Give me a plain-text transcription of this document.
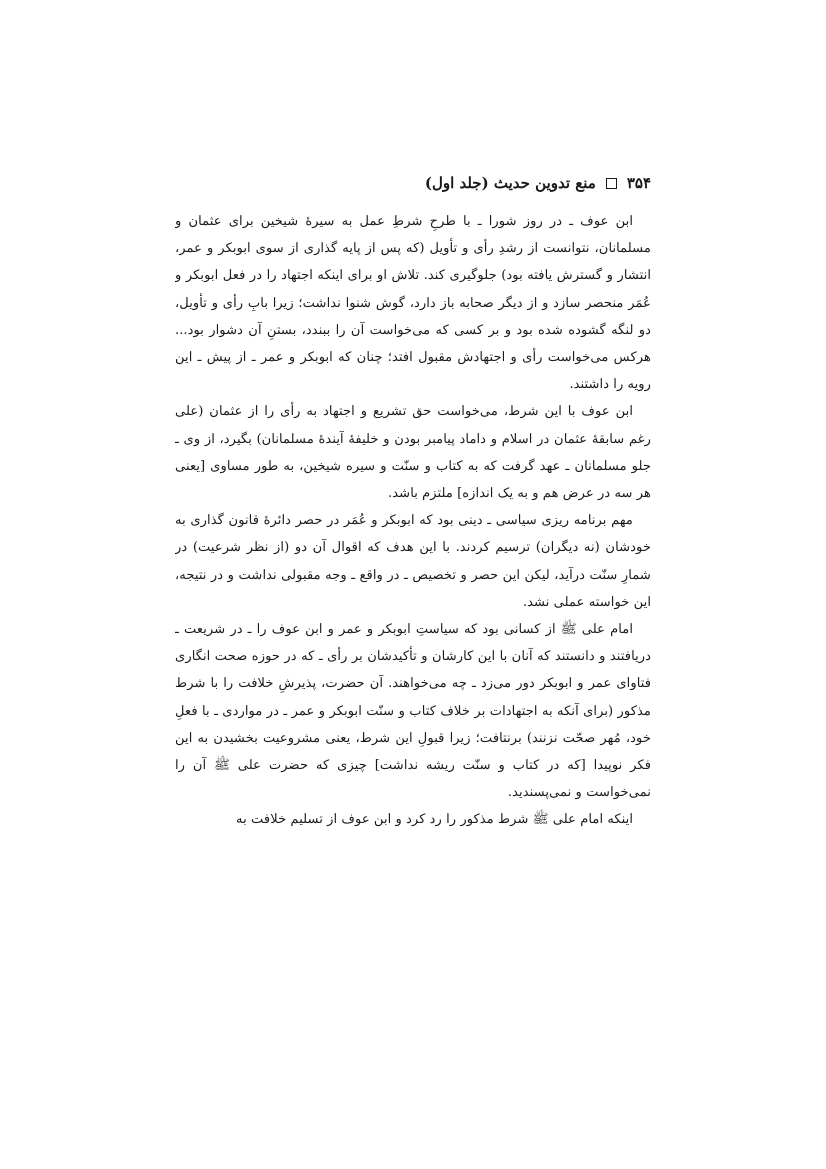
۳۵۴
منع تدوین حدیث (جلد اول)

ابن عوف ـ در روز شورا ـ با طرحِ شرطِ عمل به سیرهٔ شیخین برای عثمان و مسلمانان، نتوانست از رشدِ رأی و تأویل (که پس از پایه گذاری از سوی ابوبکر و عمر، انتشار و گسترش یافته بود) جلوگیری کند. تلاش او برای اینکه اجتهاد را در فعل ابوبکر و عُمَر منحصر سازد و از دیگر صحابه باز دارد، گوش شنوا نداشت؛ زیرا بابِ رأی و تأویل، دو لنگه گشوده شده بود و بر کسی که می‌خواست آن را ببندد، بستنِ آن دشوار بود... هرکس می‌خواست رأی و اجتهادش مقبول افتد؛ چنان که ابوبکر و عمر ـ از پیش ـ این رویه را داشتند.

ابن عوف با این شرط، می‌خواست حق تشریع و اجتهاد به رأی را از عثمان (علی رغم سابقهٔ عثمان در اسلام و داماد پیامبر بودن و خلیفهٔ آیندهٔ مسلمانان) بگیرد، از وی ـ جلو مسلمانان ـ عهد گرفت که به کتاب و سنّت و سیره شیخین، به طور مساوی [یعنی هر سه در عرض هم و به یک اندازه] ملتزم باشد.

مهم برنامه ریزی سیاسی ـ دینی بود که ابوبکر و عُمَر در حصر دائرهٔ قانون گذاری به خودشان (نه دیگران) ترسیم کردند. با این هدف که اقوال آن دو (از نظر شرعیت) در شمارِ سنّت درآید، لیکن این حصر و تخصیص ـ در واقع ـ وجه مقبولی نداشت و در نتیجه، این خواسته عملی نشد.

امام علی ﷺ از کسانی بود که سیاستِ ابوبکر و عمر و ابن عوف را ـ در شریعت ـ دریافتند و دانستند که آنان با این کارشان و تأکیدشان بر رأی ـ که در حوزه صحت انگاری فتاوای عمر و ابوبکر دور می‌زد ـ چه می‌خواهند. آن حضرت، پذیرشِ خلافت را با شرط مذکور (برای آنکه به اجتهادات بر خلاف کتاب و سنّت ابوبکر و عمر ـ در مواردی ـ با فعلِ خود، مُهر صحّت نزنند) برنتافت؛ زیرا قبولِ این شرط، یعنی مشروعیت بخشیدن به این فکر نوپیدا [که در کتاب و سنّت ریشه نداشت] چیزی که حضرت علی ﷺ آن را نمی‌خواست و نمی‌پسندید.

اینکه امام علی ﷺ شرط مذکور را رد کرد و ابن عوف از تسلیم خلافت به
